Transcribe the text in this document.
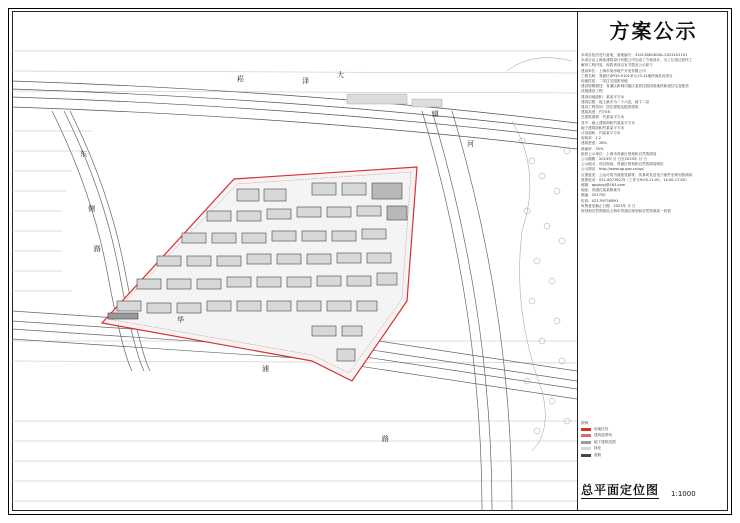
崧	泽
大
道
河
华
浦
路
东
侧
路
方案公示
本项目依法进行备案，备案编号：310118KGKG0L-2023101101
本项目由上海某建筑设计有限公司完成了方案设计，为了让周边居民了
解该工程内容，现将该项目有关情况公示如下：
建设单位：上海市某房地产开发有限公司
工程名称：青浦区XPQ9-0101单元13-12地块商品房项目
用地性质：二类住宅组团用地
建设规模描述：青浦区新城功能区某居住组团某地块新建住宅及配套
设施建设工程
建设用地面积：某某平方米
建筑层数：地上最多为二十六层，地下二层
建设工程类别：居住建筑及配套建筑
建筑高度：约75米
总建筑面积：约某某平方米
其中：地上建筑面积约某某平方米
地下建筑面积约某某平方米
计容面积：约某某平方米
容积率：2.2
建筑密度：28%
绿地率：35%
组织公示单位：上海市青浦区规划和自然资源局
公示期限：2023年 月 日至2023年 月 日
公示地点：项目现场、青浦区规划和自然资源局网站
公示网站：http://www.qp.gov.cn/qp/
反馈意见：公众可将书面意见邮寄、传真或发送电子邮件至规划资源局
联系电话：021-69716275（工作日9:00-11:00，14:00-17:00）
邮箱：qpghzyj@163.com
地址：青浦区某某路某号
邮编：201700
传真：021-59716891
收集意见截止日期：2023年 月 日
规划和自然资源局上海市青浦区规划和自然资源局一同管
图例
用地红线
建筑退界线
地下建筑范围
绿化
道路
总平面定位图 1:1000
